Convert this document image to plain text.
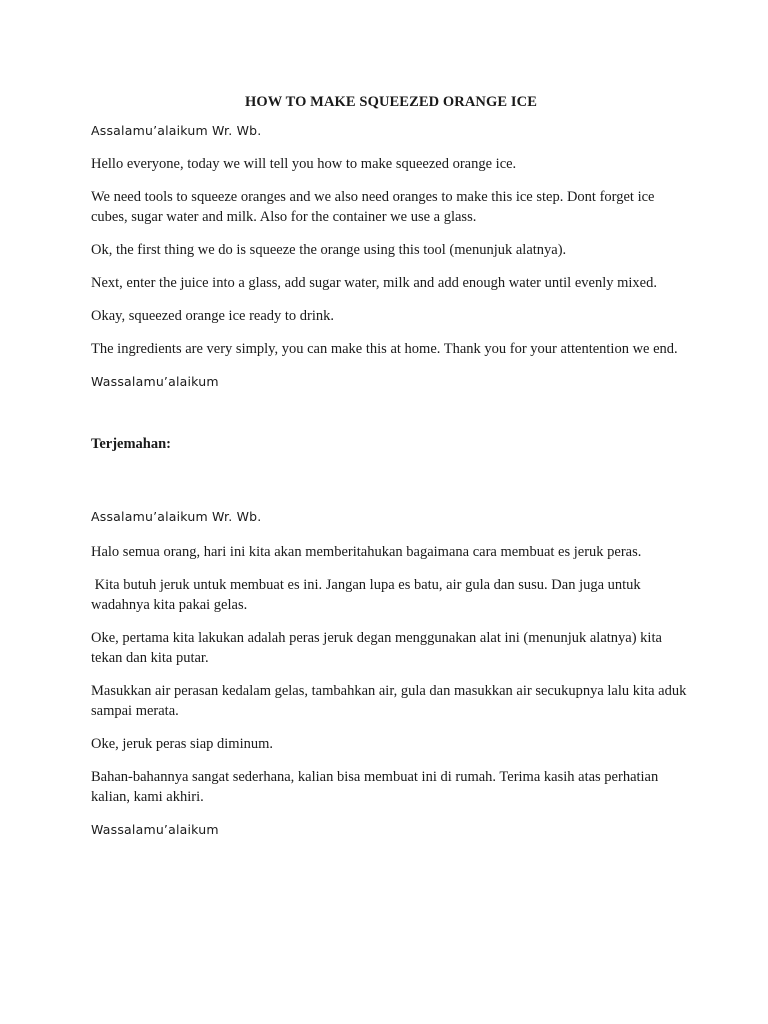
HOW TO MAKE SQUEEZED ORANGE ICE

Assalamu’alaikum Wr. Wb.

Hello everyone, today we will tell you how to make squeezed orange ice.

We need tools to squeeze oranges and we also need oranges to make this ice step. Dont forget ice cubes, sugar water and milk. Also for the container we use a glass.

Ok, the first thing we do is squeeze the orange using this tool (menunjuk alatnya).

Next, enter the juice into a glass, add sugar water, milk and add enough water until evenly mixed.

Okay, squeezed orange ice ready to drink.

The ingredients are very simply, you can make this at home. Thank you for your attentention we end.

Wassalamu’alaikum

Terjemahan:

Assalamu’alaikum Wr. Wb.

Halo semua orang, hari ini kita akan memberitahukan bagaimana cara membuat es jeruk peras.

Kita butuh jeruk untuk membuat es ini. Jangan lupa es batu, air gula dan susu. Dan juga untuk wadahnya kita pakai gelas.

Oke, pertama kita lakukan adalah peras jeruk degan menggunakan alat ini (menunjuk alatnya) kita tekan dan kita putar.

Masukkan air perasan kedalam gelas, tambahkan air, gula dan masukkan air secukupnya lalu kita aduk sampai merata.

Oke, jeruk peras siap diminum.

Bahan-bahannya sangat sederhana, kalian bisa membuat ini di rumah. Terima kasih atas perhatian kalian, kami akhiri.

Wassalamu’alaikum
